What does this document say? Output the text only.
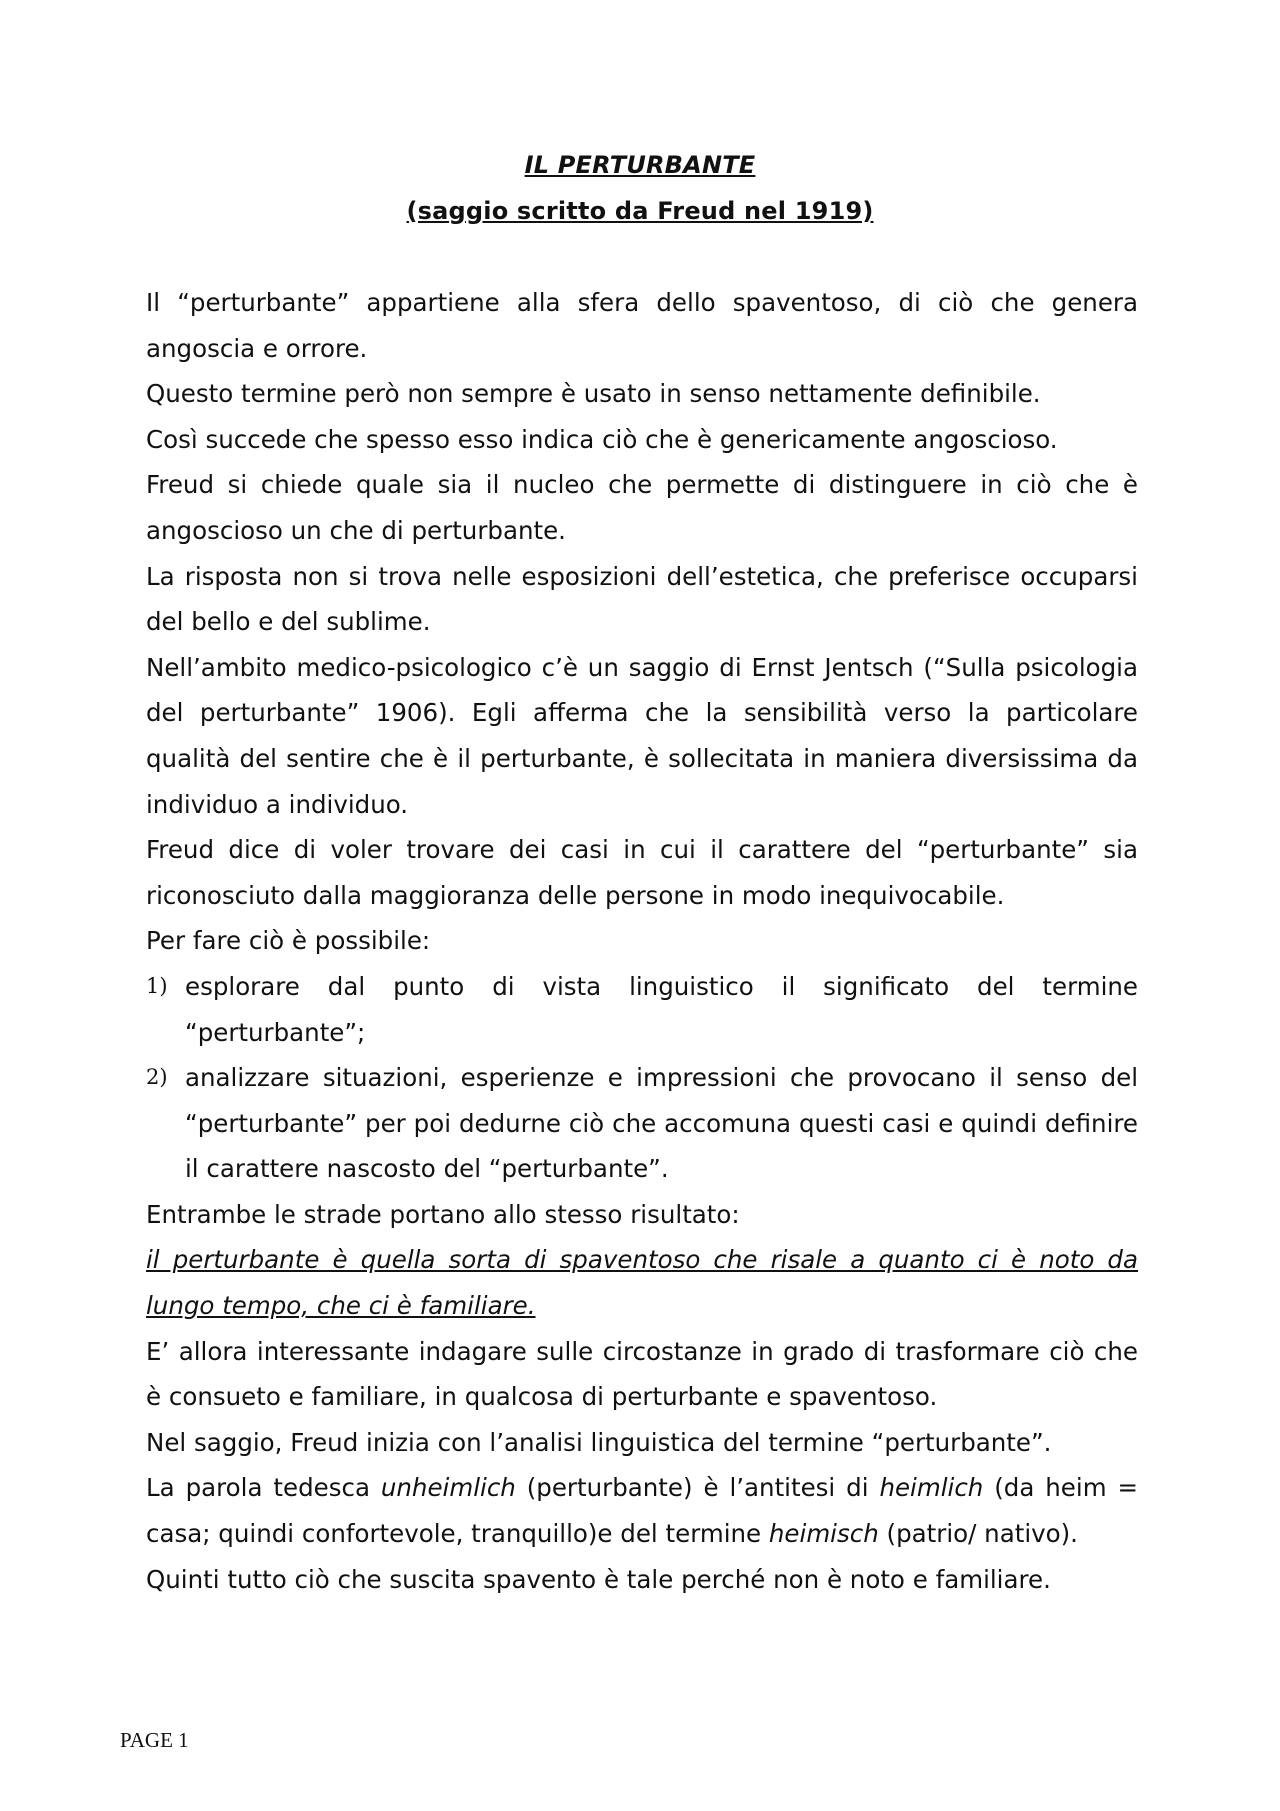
IL PERTURBANTE
(saggio scritto da Freud nel 1919)

Il “perturbante” appartiene alla sfera dello spaventoso, di ciò che genera angoscia e orrore.

Questo termine però non sempre è usato in senso nettamente definibile.

Così succede che spesso esso indica ciò che è genericamente angoscioso.

Freud si chiede quale sia il nucleo che permette di distinguere in ciò che è angoscioso un che di perturbante.

La risposta non si trova nelle esposizioni dell’estetica, che preferisce occuparsi del bello e del sublime.

Nell’ambito medico-psicologico c’è un saggio di Ernst Jentsch (“Sulla psicologia del perturbante” 1906). Egli afferma che la sensibilità verso la particolare qualità del sentire che è il perturbante, è sollecitata in maniera diversissima da individuo a individuo.

Freud dice di voler trovare dei casi in cui il carattere del “perturbante” sia riconosciuto dalla maggioranza delle persone in modo inequivocabile.

Per fare ciò è possibile:

1) esplorare dal punto di vista linguistico il significato del termine “perturbante”;
2) analizzare situazioni, esperienze e impressioni che provocano il senso del “perturbante” per poi dedurne ciò che accomuna questi casi e quindi definire il carattere nascosto del “perturbante”.

Entrambe le strade portano allo stesso risultato:

il perturbante è quella sorta di spaventoso che risale a quanto ci è noto da lungo tempo, che ci è familiare.

E’ allora interessante indagare sulle circostanze in grado di trasformare ciò che è consueto e familiare, in qualcosa di perturbante e spaventoso.

Nel saggio, Freud inizia con l’analisi linguistica del termine “perturbante”.

La parola tedesca unheimlich (perturbante) è l’antitesi di heimlich (da heim = casa; quindi confortevole, tranquillo)e del termine heimisch (patrio/ nativo).

Quinti tutto ciò che suscita spavento è tale perché non è noto e familiare.

PAGE 1
